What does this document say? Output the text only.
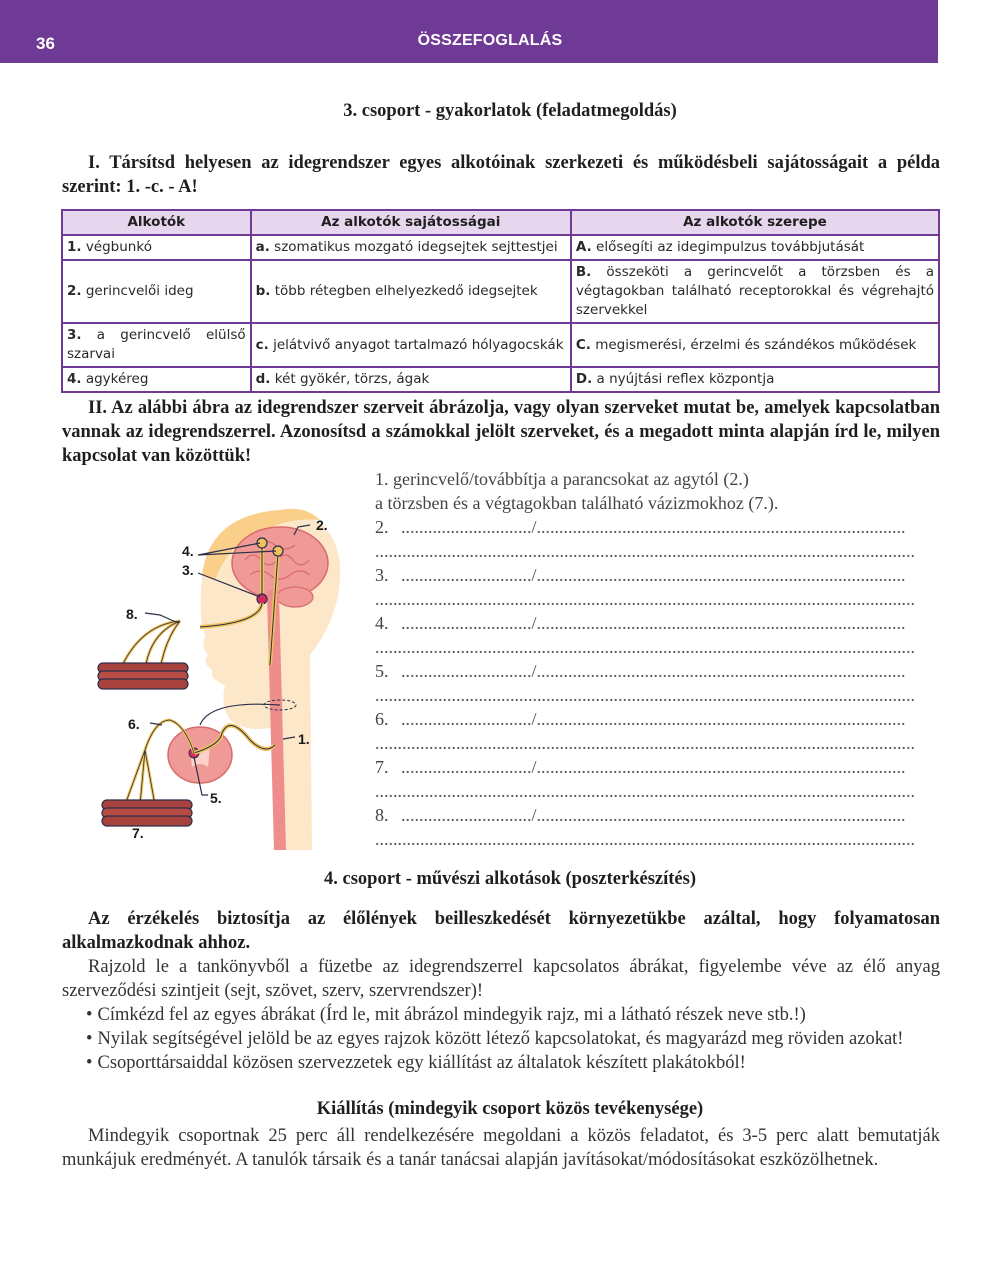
36	ÖSSZEFOGLALÁS
3. csoport - gyakorlatok (feladatmegoldás)
I. Társítsd helyesen az idegrendszer egyes alkotóinak szerkezeti és működésbeli sajátosságait a példa szerint: 1. -c. - A!
Alkotók	Az alkotók sajátosságai	Az alkotók szerepe
1. végbunkó	a. szomatikus mozgató idegsejtek sejttestjei	A. elősegíti az idegimpulzus továbbjutását
2. gerincvelői ideg	b. több rétegben elhelyezkedő idegsejtek	B. összeköti a gerincvelőt a törzsben és a végtagokban található receptorokkal és végrehajtó szervekkel
3. a gerincvelő elülső szarvai	c. jelátvivő anyagot tartalmazó hólyagocskák	C. megismerési, érzelmi és szándékos működések
4. agykéreg	d. két gyökér, törzs, ágak	D. a nyújtási reflex központja
II. Az alábbi ábra az idegrendszer szerveit ábrázolja, vagy olyan szerveket mutat be, amelyek kapcsolatban vannak az idegrendszerrel. Azonosítsd a számokkal jelölt szerveket, és a megadott minta alapján írd le, milyen kapcsolat van közöttük!
2.
4.
3.
8.
6.
1.
5.
7.
1. gerincvelő/továbbítja a parancsokat az agytól (2.)
a törzsben és a végtagokban található vázizmokhoz (7.).
2. ............................./..................................................................................
........................................................................................................................
3. ............................./..................................................................................
........................................................................................................................
4. ............................./..................................................................................
........................................................................................................................
5. ............................./..................................................................................
........................................................................................................................
6. ............................./..................................................................................
........................................................................................................................
7. ............................./..................................................................................
........................................................................................................................
8. ............................./..................................................................................
........................................................................................................................
4. csoport - művészi alkotások (poszterkészítés)
Az érzékelés biztosítja az élőlények beilleszkedését környezetükbe azáltal, hogy folyamatosan alkalmazkodnak ahhoz.
Rajzold le a tankönyvből a füzetbe az idegrendszerrel kapcsolatos ábrákat, figyelembe véve az élő anyag szerveződési szintjeit (sejt, szövet, szerv, szervrendszer)!
• Címkézd fel az egyes ábrákat (Írd le, mit ábrázol mindegyik rajz, mi a látható részek neve stb.!)
• Nyilak segítségével jelöld be az egyes rajzok között létező kapcsolatokat, és magyarázd meg röviden azokat!
• Csoporttársaiddal közösen szervezzetek egy kiállítást az általatok készített plakátokból!
Kiállítás (mindegyik csoport közös tevékenysége)
Mindegyik csoportnak 25 perc áll rendelkezésére megoldani a közös feladatot, és 3-5 perc alatt bemutatják munkájuk eredményét. A tanulók társaik és a tanár tanácsai alapján javításokat/módosításokat eszközölhetnek.
